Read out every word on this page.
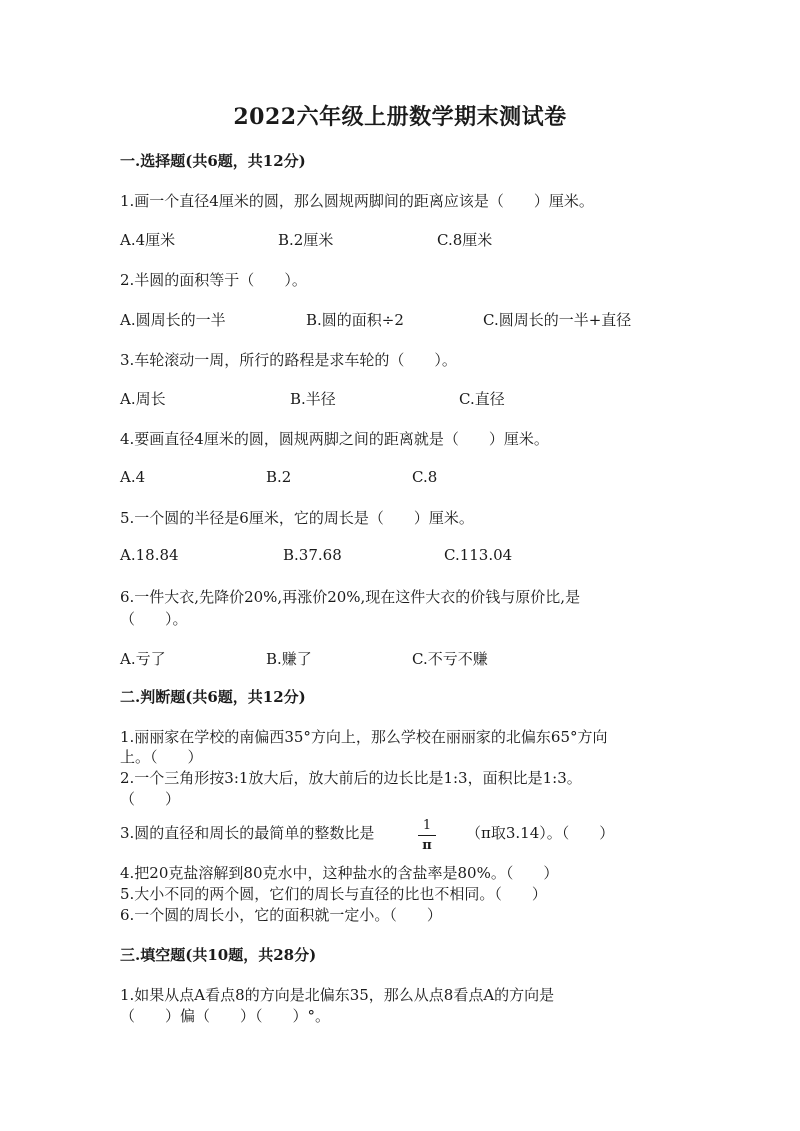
2022六年级上册数学期末测试卷
一.选择题(共6题，共12分)
1.画一个直径4厘米的圆，那么圆规两脚间的距离应该是（　　）厘米。
A.4厘米	B.2厘米	C.8厘米
2.半圆的面积等于（　　）。
A.圆周长的一半	B.圆的面积÷2	C.圆周长的一半+直径
3.车轮滚动一周，所行的路程是求车轮的（　　）。
A.周长	B.半径	C.直径
4.要画直径4厘米的圆，圆规两脚之间的距离就是（　　）厘米。
A.4	B.2	C.8
5.一个圆的半径是6厘米，它的周长是（　　）厘米。
A.18.84	B.37.68	C.113.04
6.一件大衣,先降价20%,再涨价20%,现在这件大衣的价钱与原价比,是
（　　）。
A.亏了	B.赚了	C.不亏不赚
二.判断题(共6题，共12分)
1.丽丽家在学校的南偏西35°方向上，那么学校在丽丽家的北偏东65°方向
上。（　　）
2.一个三角形按3:1放大后，放大前后的边长比是1:3，面积比是1:3。
（　　）
3.圆的直径和周长的最简单的整数比是	$\frac{1}{\pi} (\pi$取3.14）。（　　）
4.把20克盐溶解到80克水中，这种盐水的含盐率是80%。（　　）
5.大小不同的两个圆，它们的周长与直径的比也不相同。（　　）
6.一个圆的周长小，它的面积就一定小。（　　）
三.填空题(共10题，共28分)
1.如果从点A看点8的方向是北偏东35，那么从点8看点A的方向是
（　　）偏（　　）（　　）°。
